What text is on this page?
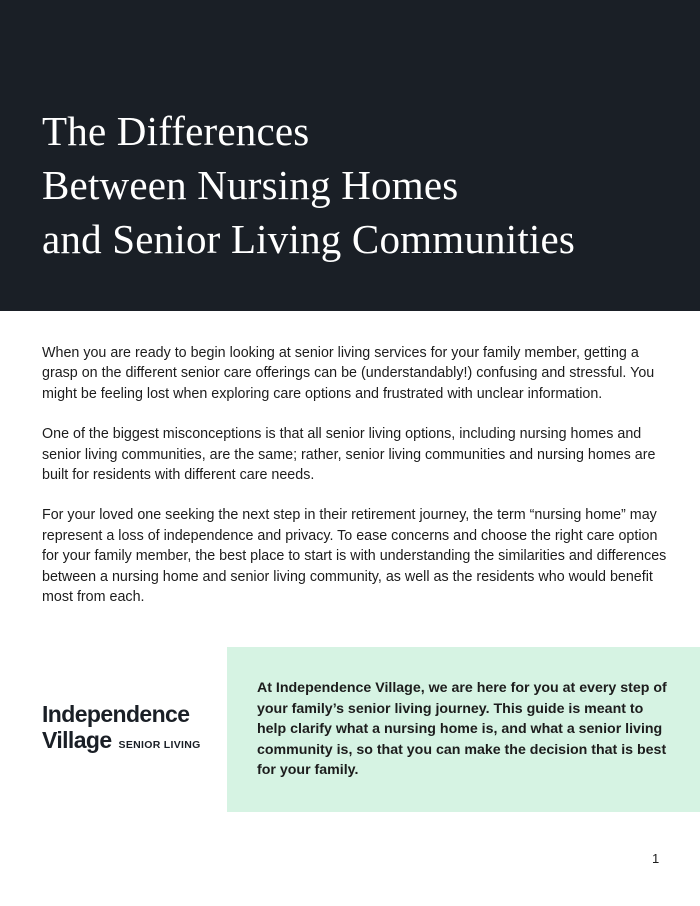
The Differences
Between Nursing Homes
and Senior Living Communities

When you are ready to begin looking at senior living services for your family member, getting a grasp on the different senior care offerings can be (understandably!) confusing and stressful. You might be feeling lost when exploring care options and frustrated with unclear information.

One of the biggest misconceptions is that all senior living options, including nursing homes and senior living communities, are the same; rather, senior living communities and nursing homes are built for residents with different care needs.

For your loved one seeking the next step in their retirement journey, the term “nursing home” may represent a loss of independence and privacy. To ease concerns and choose the right care option for your family member, the best place to start is with understanding the similarities and differences between a nursing home and senior living community, as well as the residents who would benefit most from each.

Independence
Village SENIOR LIVING

At Independence Village, we are here for you at every step of your family’s senior living journey. This guide is meant to help clarify what a nursing home is, and what a senior living community is, so that you can make the decision that is best for your family.

1
